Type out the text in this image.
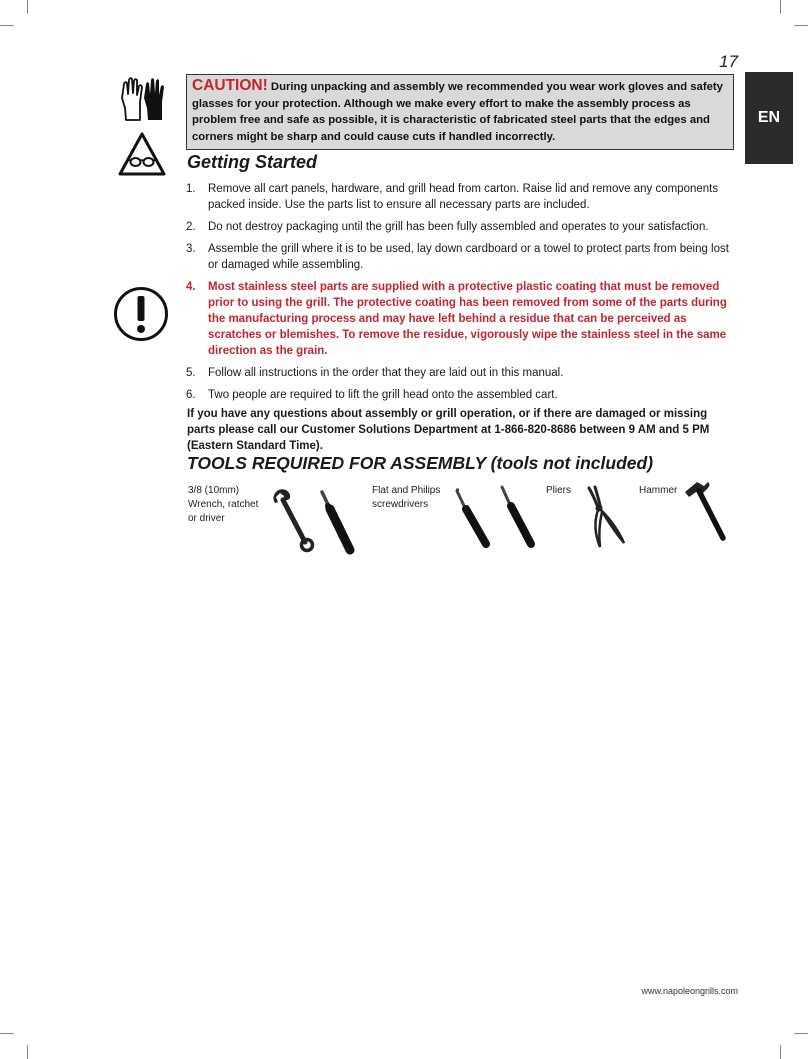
17
EN
CAUTION! During unpacking and assembly we recommended you wear work gloves and safety glasses for your protection. Although we make every effort to make the assembly process as problem free and safe as possible, it is characteristic of fabricated steel parts that the edges and corners might be sharp and could cause cuts if handled incorrectly.
Getting Started
1. Remove all cart panels, hardware, and grill head from carton. Raise lid and remove any components packed inside. Use the parts list to ensure all necessary parts are included.
2. Do not destroy packaging until the grill has been fully assembled and operates to your satisfaction.
3. Assemble the grill where it is to be used, lay down cardboard or a towel to protect parts from being lost or damaged while assembling.
4. Most stainless steel parts are supplied with a protective plastic coating that must be removed prior to using the grill. The protective coating has been removed from some of the parts during the manufacturing process and may have left behind a residue that can be perceived as scratches or blemishes. To remove the residue, vigorously wipe the stainless steel in the same direction as the grain.
5. Follow all instructions in the order that they are laid out in this manual.
6. Two people are required to lift the grill head onto the assembled cart.
If you have any questions about assembly or grill operation, or if there are damaged or missing parts please call our Customer Solutions Department at 1-866-820-8686 between 9 AM and 5 PM (Eastern Standard Time).
TOOLS REQUIRED FOR ASSEMBLY (tools not included)
3/8 (10mm) Wrench, ratchet or driver
Flat and Philips screwdrivers
Pliers	Hammer
www.napoleongrills.com
